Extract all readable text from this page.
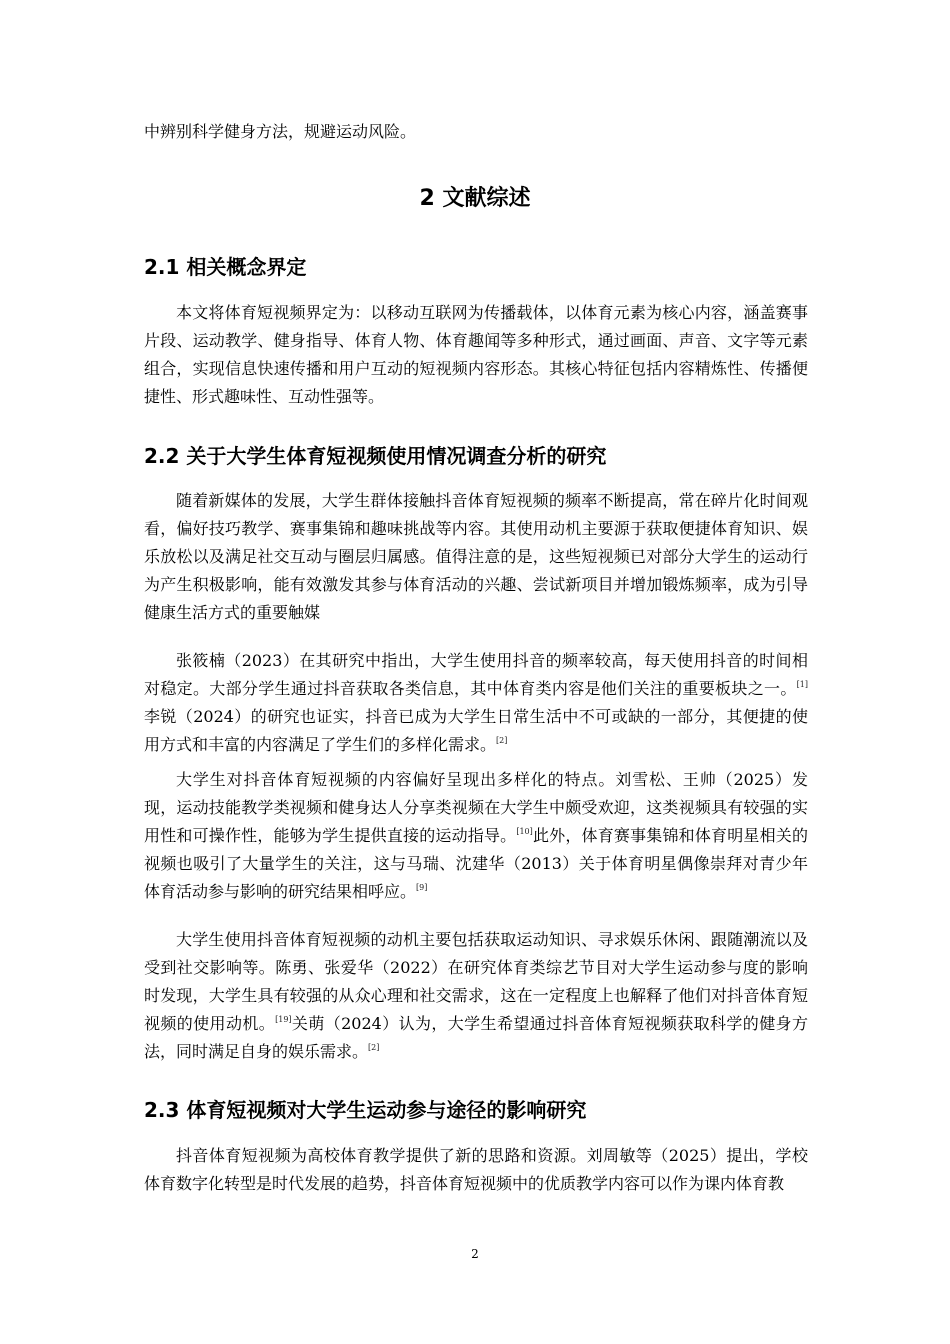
中辨别科学健身方法，规避运动风险。

2 文献综述
2.1 相关概念界定

本文将体育短视频界定为：以移动互联网为传播载体，以体育元素为核心内容，涵盖赛事片段、运动教学、健身指导、体育人物、体育趣闻等多种形式，通过画面、声音、文字等元素组合，实现信息快速传播和用户互动的短视频内容形态。其核心特征包括内容精炼性、传播便捷性、形式趣味性、互动性强等。

2.2 关于大学生体育短视频使用情况调查分析的研究

随着新媒体的发展，大学生群体接触抖音体育短视频的频率不断提高，常在碎片化时间观看，偏好技巧教学、赛事集锦和趣味挑战等内容。其使用动机主要源于获取便捷体育知识、娱乐放松以及满足社交互动与圈层归属感。值得注意的是，这些短视频已对部分大学生的运动行为产生积极影响，能有效激发其参与体育活动的兴趣、尝试新项目并增加锻炼频率，成为引导健康生活方式的重要触媒

张筱楠（2023）在其研究中指出，大学生使用抖音的频率较高，每天使用抖音的时间相对稳定。大部分学生通过抖音获取各类信息，其中体育类内容是他们关注的重要板块之一。[1]李锐（2024）的研究也证实，抖音已成为大学生日常生活中不可或缺的一部分，其便捷的使用方式和丰富的内容满足了学生们的多样化需求。[2]

大学生对抖音体育短视频的内容偏好呈现出多样化的特点。刘雪松、王帅（2025）发现，运动技能教学类视频和健身达人分享类视频在大学生中颇受欢迎，这类视频具有较强的实用性和可操作性，能够为学生提供直接的运动指导。[10]此外，体育赛事集锦和体育明星相关的视频也吸引了大量学生的关注，这与马瑞、沈建华（2013）关于体育明星偶像崇拜对青少年体育活动参与影响的研究结果相呼应。[9]

大学生使用抖音体育短视频的动机主要包括获取运动知识、寻求娱乐休闲、跟随潮流以及受到社交影响等。陈勇、张爱华（2022）在研究体育类综艺节目对大学生运动参与度的影响时发现，大学生具有较强的从众心理和社交需求，这在一定程度上也解释了他们对抖音体育短视频的使用动机。[19]关萌（2024）认为，大学生希望通过抖音体育短视频获取科学的健身方法，同时满足自身的娱乐需求。[2]

2.3 体育短视频对大学生运动参与途径的影响研究

抖音体育短视频为高校体育教学提供了新的思路和资源。刘周敏等（2025）提出，学校体育数字化转型是时代发展的趋势，抖音体育短视频中的优质教学内容可以作为课内体育教

2
